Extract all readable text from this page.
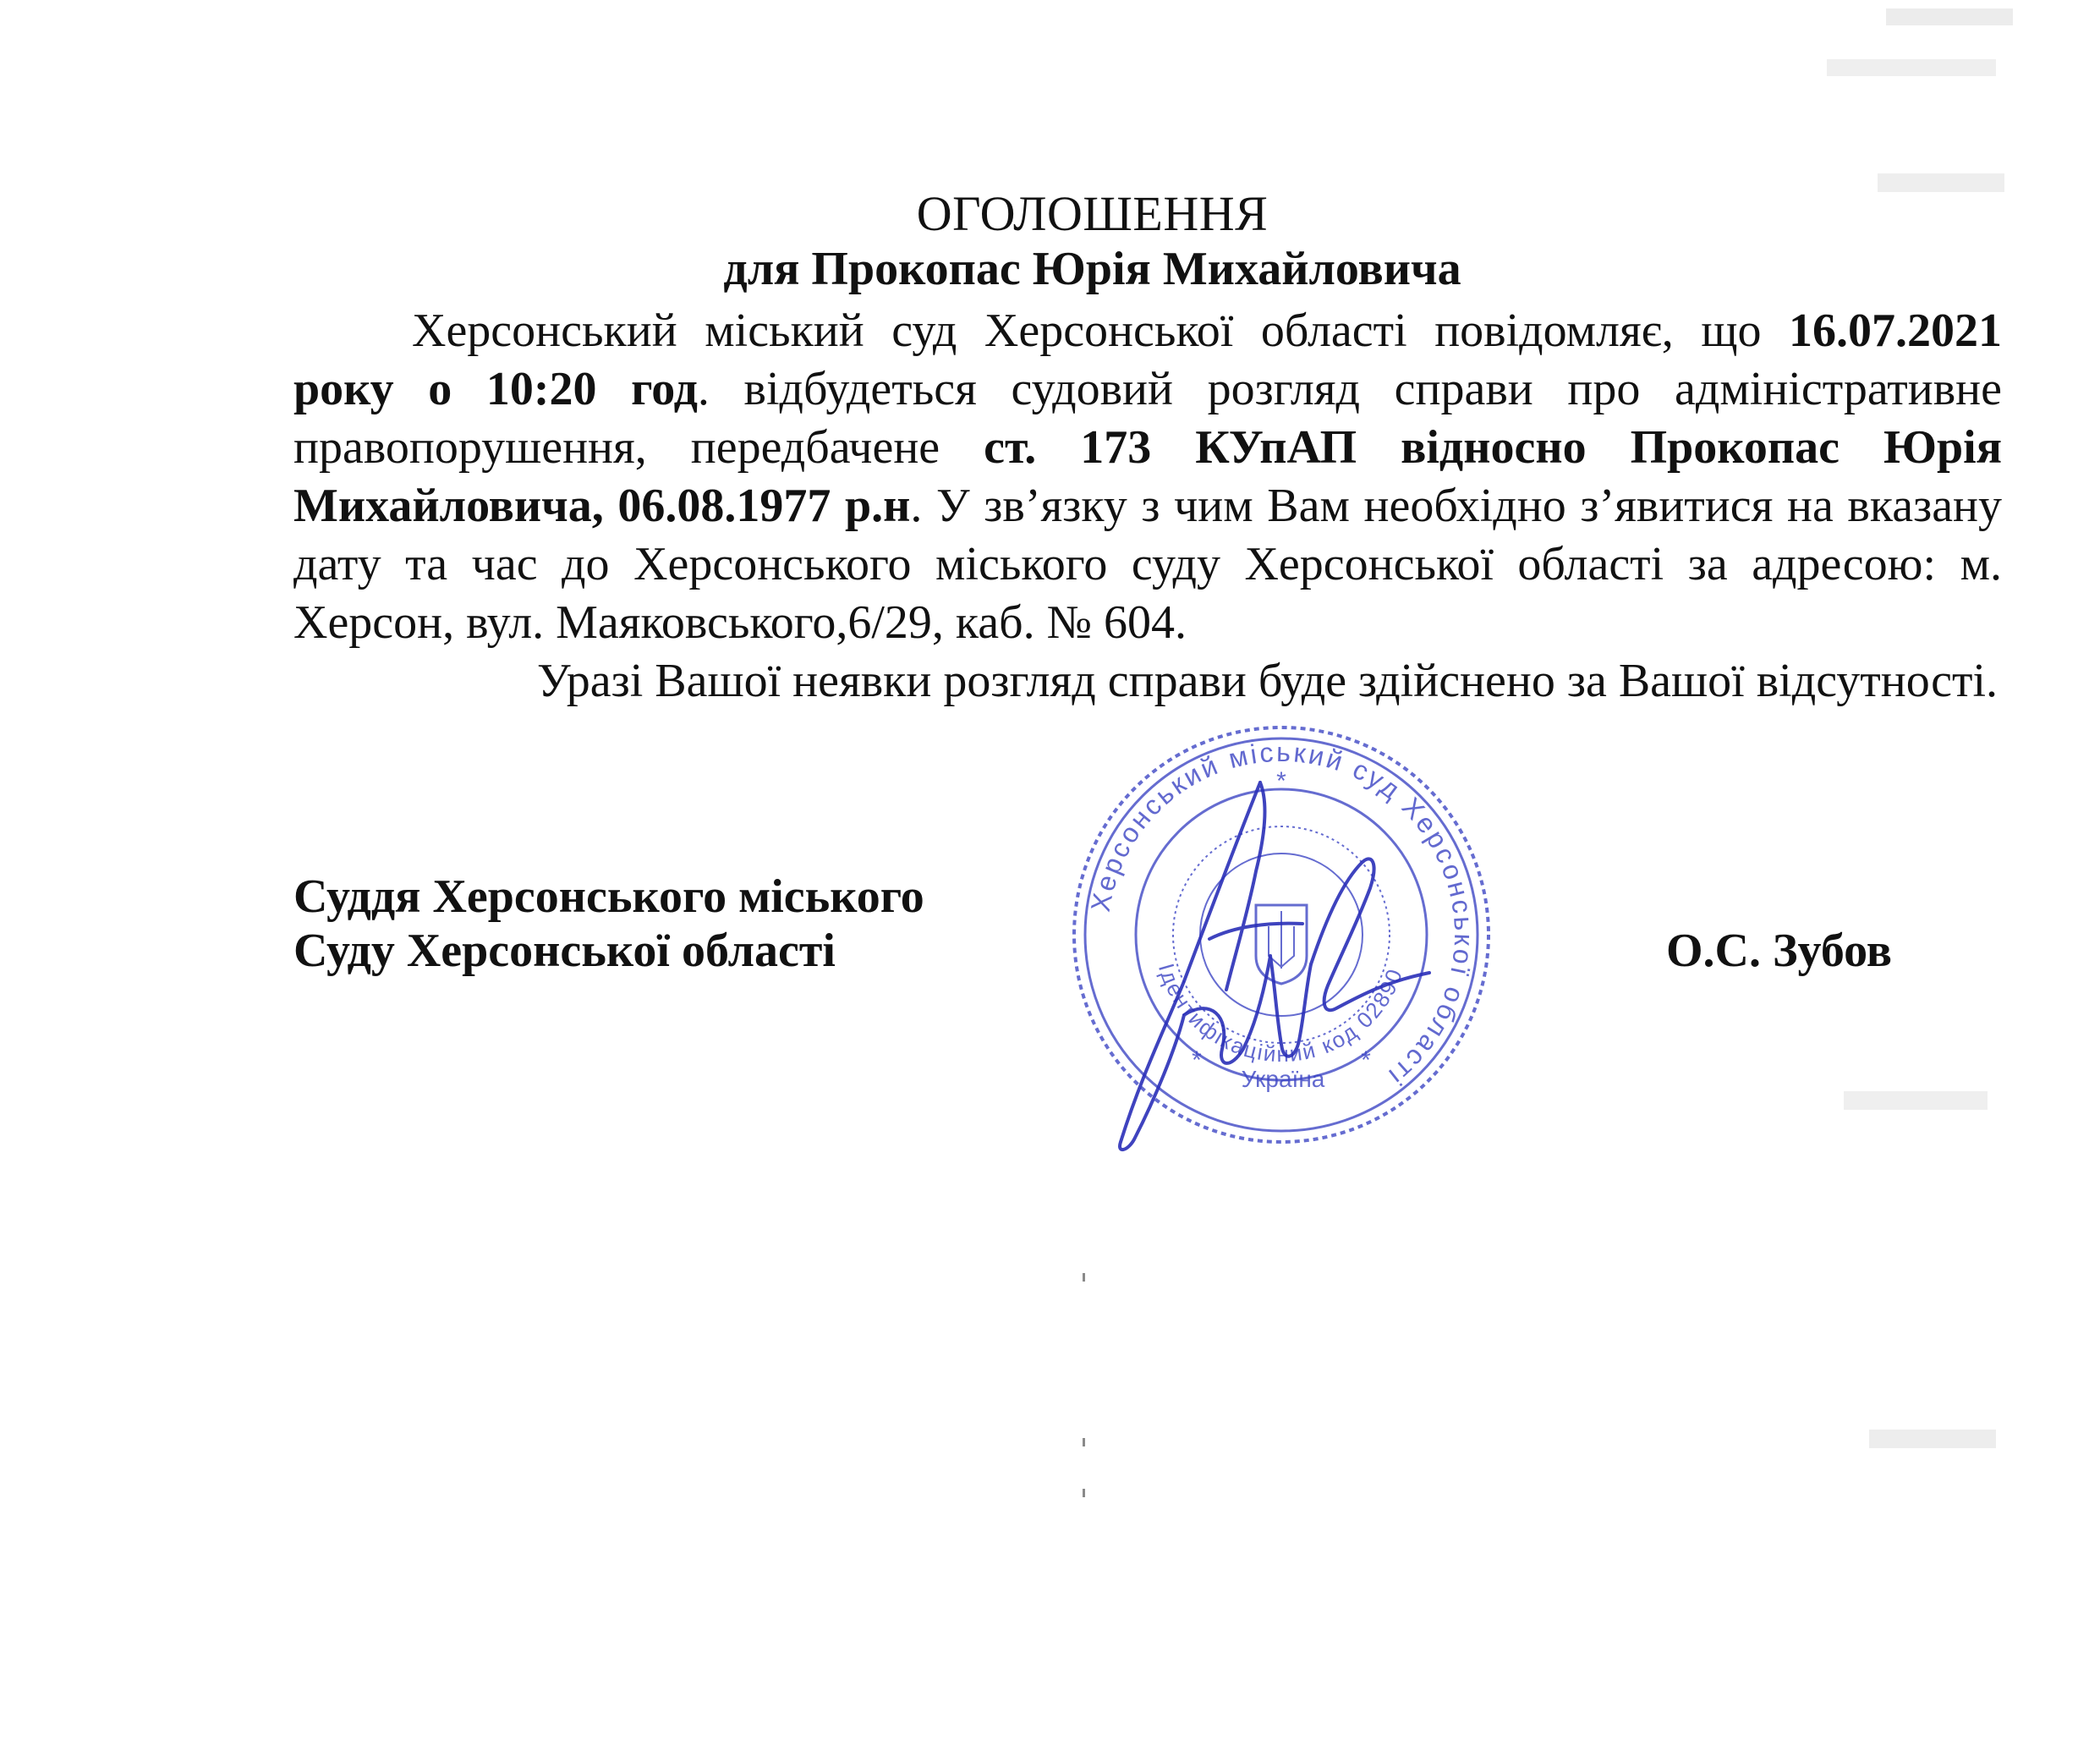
ОГОЛОШЕННЯ
для Прокопас Юрія Михайловича

Херсонський міський суд Херсонської області повідомляє, що 16.07.2021 року о 10:20 год. відбудеться судовий розгляд справи про адміністративне правопорушення, передбачене ст. 173 КУпАП відносно Прокопас Юрія Михайловича, 06.08.1977 р.н. У зв’язку з чим Вам необхідно з’явитися на вказану дату та час до Херсонського міського суду Херсонської області за адресою: м. Херсон, вул. Маяковського,6/29, каб. № 604.

Уразі Вашої неявки розгляд справи буде здійснено за Вашої відсутності.

Херсонський міський суд Херсонської області
Ідентифікаційний код 02890
Україна
*
*	*
Суддя Херсонського міського
Суду Херсонської області	О.С. Зубов
